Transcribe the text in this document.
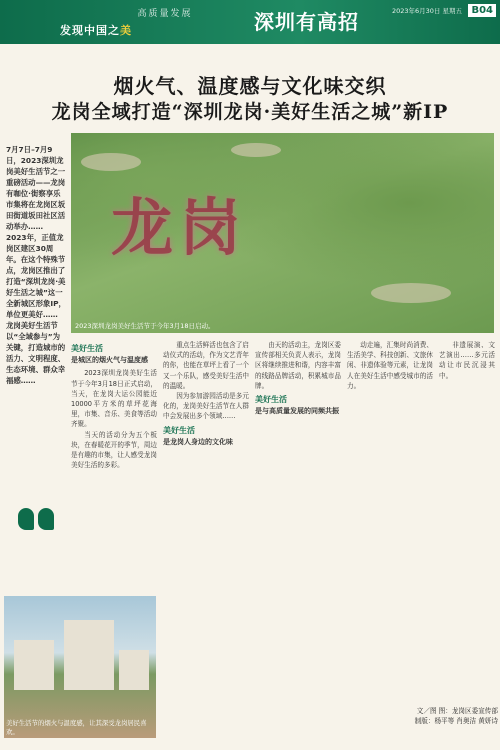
高质量发展
发现中国之美	深圳有高招	2023年6月30日 星期五 B04
烟火气、温度感与文化味交织
龙岗全域打造“深圳龙岗·美好生活之城”新IP

7月7日–7月9日，2023深圳龙岗美好生活节之一重磅活动——龙岗有咖位·街察享乐市集将在龙岗区坂田街道坂田社区活动举办……

2023年，正值龙岗区建区30周年。在这个特殊节点，龙岗区推出了打造“深圳龙岗·美好生活之城”这一全新城区形象IP，单位更美好……

龙岗美好生活节以“全域参与”为关键，打造城市的活力、文明程度、生态环境、群众幸福感……

龙岗
2023深圳龙岗美好生活节于今年3月18日启动。
美好生活
是城区的烟火气与温度感

2023深圳龙岗美好生活节于今年3月18日正式启动，当天，在龙岗大运公园能近10000平方米的草坪花海里，市集、音乐、美食等活动齐聚。

当天的活动分为五个板块，在春暖花开的季节，周边是有趣的市集，让人感受龙岗美好生活的多彩。

重点生活鲜活也包含了启动仪式的活动，作为文艺青年的你，也能在草坪上看了一个又一个乐队，感受美好生活中的温暖。

因为参加游园活动是多元化的，龙岗美好生活节在人群中会发展出多个领域……

美好生活
是龙岗人身边的文化味

由天的活动主，龙岗区委宣传部相关负责人表示，龙岗区将继续推进和谐，内容丰富的线路品牌活动，积累城市品牌。

美好生活
是与高质量发展的同频共振

动走遍，汇集时尚消费、生活美学、科技创新、文旅休闲、非遗体验等元素，让龙岗人在美好生活中感受城市的活力。

非遗展演、文艺演出……多元活动让市民沉浸其中。

美好生活节的烟火与温度感，让其深受龙岗居民喜欢。
文／图 图：龙岗区委宣传部
制版：杨平等 肖奥洁 黄妍诗
